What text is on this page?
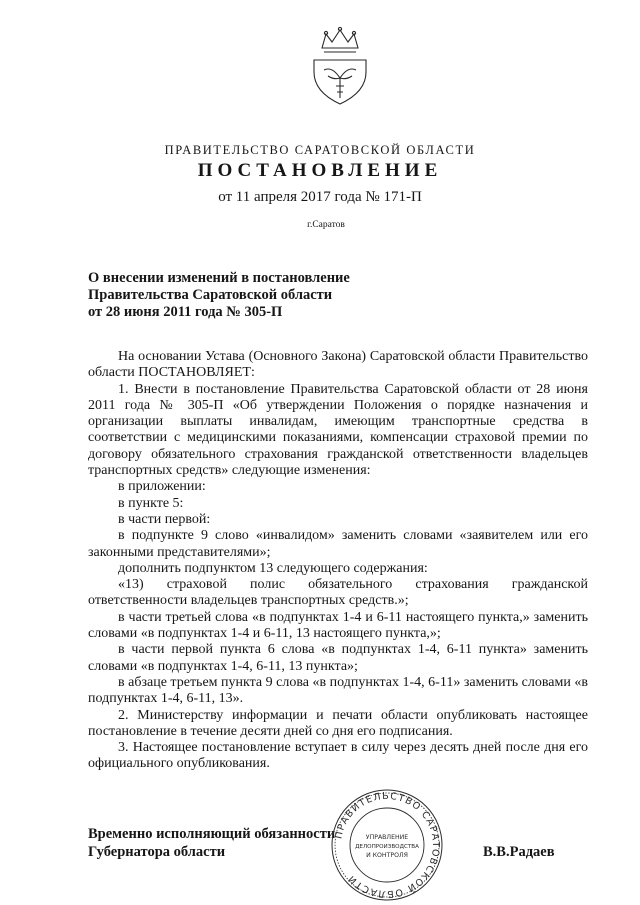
ПРАВИТЕЛЬСТВО САРАТОВСКОЙ ОБЛАСТИ
ПОСТАНОВЛЕНИЕ
от 11 апреля 2017 года № 171-П
г.Саратов
О внесении изменений в постановление
Правительства Саратовской области
от 28 июня 2011 года № 305-П

На основании Устава (Основного Закона) Саратовской области Правительство области ПОСТАНОВЛЯЕТ:

1. Внести в постановление Правительства Саратовской области от 28 июня 2011 года № 305-П «Об утверждении Положения о порядке назначения и организации выплаты инвалидам, имеющим транспортные средства в соответствии с медицинскими показаниями, компенсации страховой премии по договору обязательного страхования гражданской ответственности владельцев транспортных средств» следующие изменения:

в приложении:

в пункте 5:

в части первой:

в подпункте 9 слово «инвалидом» заменить словами «заявителем или его законными представителями»;

дополнить подпунктом 13 следующего содержания:

«13) страховой полис обязательного страхования гражданской ответственности владельцев транспортных средств.»;

в части третьей слова «в подпунктах 1-4 и 6-11 настоящего пункта,» заменить словами «в подпунктах 1-4 и 6-11, 13 настоящего пункта,»;

в части первой пункта 6 слова «в подпунктах 1-4, 6-11 пункта» заменить словами «в подпунктах 1-4, 6-11, 13 пункта»;

в абзаце третьем пункта 9 слова «в подпунктах 1-4, 6-11» заменить словами «в подпунктах 1-4, 6-11, 13».

2. Министерству информации и печати области опубликовать настоящее постановление в течение десяти дней со дня его подписания.

3. Настоящее постановление вступает в силу через десять дней после дня его официального опубликования.

Временно исполняющий обязанности
Губернатора области
ПРАВИТЕЛЬСТВО САРАТОВСКОЙ ОБЛАСТИ
УПРАВЛЕНИЕ
ДЕЛОПРОИЗВОДСТВА
И КОНТРОЛЯ	В.В.Радаев
